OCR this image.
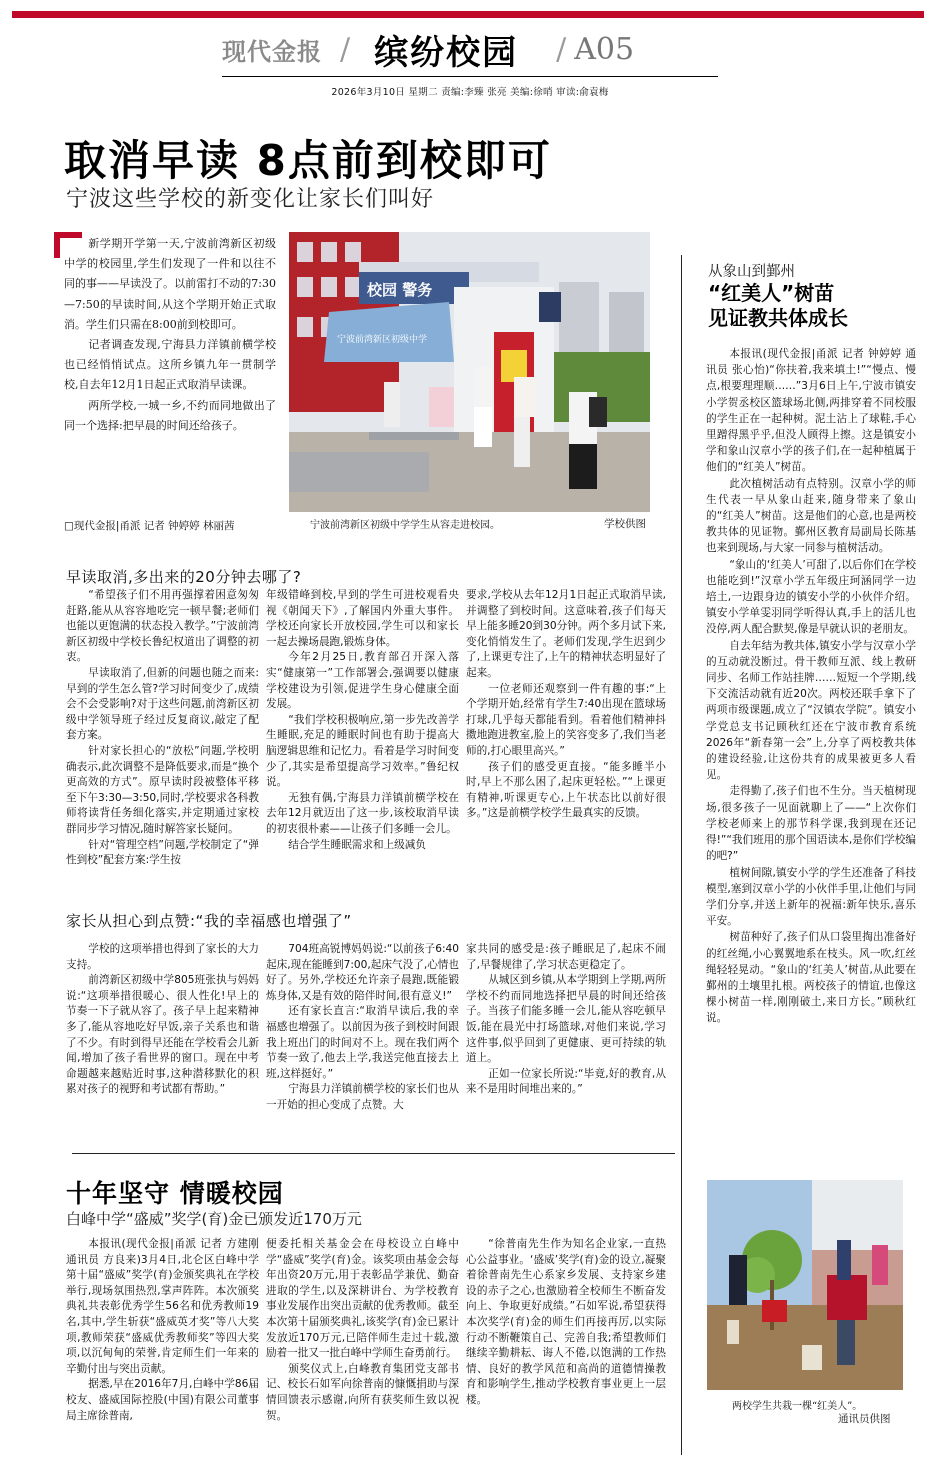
现代金报 / 缤纷校园 / A05
2026年3月10日 星期二 责编:李臻 张亮 美编:徐哨 审读:俞袁梅
取消早读 8点前到校即可
宁波这些学校的新变化让家长们叫好

新学期开学第一天,宁波前湾新区初级中学的校园里,学生们发现了一件和以往不同的事——早读没了。以前雷打不动的7:30—7:50的早读时间,从这个学期开始正式取消。学生们只需在8:00前到校即可。

记者调查发现,宁海县力洋镇前横学校也已经悄悄试点。这所乡镇九年一贯制学校,自去年12月1日起正式取消早读课。

两所学校,一城一乡,不约而同地做出了同一个选择:把早晨的时间还给孩子。

□现代金报|甬派 记者 钟婷婷 林丽茜
校园 警务
宁波前湾新区初级中学
宁波前湾新区初级中学学生从容走进校园。	学校供图
早读取消,多出来的20分钟去哪了?

“希望孩子们不用再强撑着困意匆匆赶路,能从从容容地吃完一顿早餐;老师们也能以更饱满的状态投入教学。”宁波前湾新区初级中学校长鲁纪权道出了调整的初衷。

早读取消了,但新的问题也随之而来:早到的学生怎么管?学习时间变少了,成绩会不会受影响?对于这些问题,前湾新区初级中学领导班子经过反复商议,敲定了配套方案。

针对家长担心的“放松”问题,学校明确表示,此次调整不是降低要求,而是“换个更高效的方式”。原早读时段被整体平移至下午3:30—3:50,同时,学校要求各科教师将读背任务细化落实,并定期通过家校群同步学习情况,随时解答家长疑问。

针对“管理空档”问题,学校制定了“弹性到校”配套方案:学生按

年级错峰到校,早到的学生可进校观看央视《朝闻天下》,了解国内外重大事件。学校还向家长开放校园,学生可以和家长一起去操场晨跑,锻炼身体。

今年2月25日,教育部召开深入落实“健康第一”工作部署会,强调要以健康学校建设为引领,促进学生身心健康全面发展。

“我们学校积极响应,第一步先改善学生睡眠,充足的睡眠时间也有助于提高大脑逻辑思维和记忆力。看着是学习时间变少了,其实是希望提高学习效率。”鲁纪权说。

无独有偶,宁海县力洋镇前横学校在去年12月就迈出了这一步,该校取消早读的初衷很朴素——让孩子们多睡一会儿。

结合学生睡眠需求和上级减负

要求,学校从去年12月1日起正式取消早读,并调整了到校时间。这意味着,孩子们每天早上能多睡20到30分钟。两个多月试下来,变化悄悄发生了。老师们发现,学生迟到少了,上课更专注了,上午的精神状态明显好了起来。

一位老师还观察到一件有趣的事:“上个学期开始,经常有学生7:40出现在篮球场打球,几乎每天都能看到。看着他们精神抖擞地跑进教室,脸上的笑容变多了,我们当老师的,打心眼里高兴。”

孩子们的感受更直接。“能多睡半小时,早上不那么困了,起床更轻松。”“上课更有精神,听课更专心,上午状态比以前好很多。”这是前横学校学生最真实的反馈。

家长从担心到点赞:“我的幸福感也增强了”

学校的这项举措也得到了家长的大力支持。

前湾新区初级中学805班张执与妈妈说:“这项举措很暖心、很人性化!早上的节奏一下子就从容了。孩子早上起来精神多了,能从容地吃好早饭,亲子关系也和谐了不少。有时到得早还能在学校看会儿新闻,增加了孩子看世界的窗口。现在中考命题越来越贴近时事,这种潜移默化的积累对孩子的视野和考试都有帮助。”

704班高锐博妈妈说:“以前孩子6:40起床,现在能睡到7:00,起床气没了,心情也好了。另外,学校还允许亲子晨跑,既能锻炼身体,又是有效的陪伴时间,很有意义!”

还有家长直言:“取消早读后,我的幸福感也增强了。以前因为孩子到校时间跟我上班出门的时间对不上。现在我们两个节奏一致了,他去上学,我送完他直接去上班,这样挺好。”

宁海县力洋镇前横学校的家长们也从一开始的担心变成了点赞。大

家共同的感受是:孩子睡眠足了,起床不闹了,早餐规律了,学习状态更稳定了。

从城区到乡镇,从本学期到上学期,两所学校不约而同地选择把早晨的时间还给孩子。当孩子们能多睡一会儿,能从容吃顿早饭,能在晨光中打场篮球,对他们来说,学习这件事,似乎回到了更健康、更可持续的轨道上。

正如一位家长所说:“毕竟,好的教育,从来不是用时间堆出来的。”

十年坚守 情暖校园
白峰中学“盛威”奖学(育)金已颁发近170万元

本报讯(现代金报|甬派 记者 方建刚 通讯员 方良来)3月4日,北仑区白峰中学第十届“盛威”奖学(育)金颁奖典礼在学校举行,现场氛围热烈,掌声阵阵。本次颁奖典礼共表彰优秀学生56名和优秀教师19名,其中,学生斩获“盛威英才奖”等八大奖项,教师荣获“盛威优秀教师奖”等四大奖项,以沉甸甸的荣誉,肯定师生们一年来的辛勤付出与突出贡献。

据悉,早在2016年7月,白峰中学86届校友、盛威国际控股(中国)有限公司董事局主席徐普南,

便委托相关基金会在母校设立白峰中学“盛威”奖学(育)金。该奖项由基金会每年出资20万元,用于表彰品学兼优、勤奋进取的学生,以及深耕讲台、为学校教育事业发展作出突出贡献的优秀教师。截至本次第十届颁奖典礼,该奖学(育)金已累计发放近170万元,已陪伴师生走过十载,激励着一批又一批白峰中学师生奋勇前行。

颁奖仪式上,白峰教育集团党支部书记、校长石如军向徐普南的慷慨捐助与深情回馈表示感谢,向所有获奖师生致以祝贺。

“徐普南先生作为知名企业家,一直热心公益事业。‘盛威’奖学(育)金的设立,凝聚着徐普南先生心系家乡发展、支持家乡建设的赤子之心,也激励着全校师生不断奋发向上、争取更好成绩。”石如军说,希望获得本次奖学(育)金的师生们再接再厉,以实际行动不断鞭策自己、完善自我;希望教师们继续辛勤耕耘、诲人不倦,以饱满的工作热情、良好的教学风范和高尚的道德情操教育和影响学生,推动学校教育事业更上一层楼。

从象山到鄞州
“红美人”树苗
见证教共体成长

本报讯(现代金报|甬派 记者 钟婷婷 通讯员 张心怡)“你扶着,我来填土!”“慢点、慢点,根要理理顺……”3月6日上午,宁波市镇安小学贺丞校区篮球场北侧,两排穿着不同校服的学生正在一起种树。泥土沾上了球鞋,手心里蹭得黑乎乎,但没人顾得上擦。这是镇安小学和象山汉章小学的孩子们,在一起种植属于他们的“红美人”树苗。

此次植树活动有点特别。汉章小学的师生代表一早从象山赶来,随身带来了象山的“红美人”树苗。这是他们的心意,也是两校教共体的见证物。鄞州区教育局副局长陈基也来到现场,与大家一同参与植树活动。

“象山的‘红美人’可甜了,以后你们在学校也能吃到!”汉章小学五年级庄珂涵同学一边培土,一边跟身边的镇安小学的小伙伴介绍。镇安小学单雯羽同学听得认真,手上的活儿也没停,两人配合默契,像是早就认识的老朋友。

自去年结为教共体,镇安小学与汉章小学的互动就没断过。骨干教师互派、线上教研同步、名师工作站挂牌……短短一个学期,线下交流活动就有近20次。两校还联手拿下了两项市级课题,成立了“汉镇农学院”。镇安小学党总支书记顾秋红还在宁波市教育系统2026年“新春第一会”上,分享了两校教共体的建设经验,让这份共育的成果被更多人看见。

走得勤了,孩子们也不生分。当天植树现场,很多孩子一见面就聊上了——“上次你们学校老师来上的那节科学课,我到现在还记得!”“我们班用的那个国语读本,是你们学校编的吧?”

植树间隙,镇安小学的学生还准备了科技模型,塞到汉章小学的小伙伴手里,让他们与同学们分享,并送上新年的祝福:新年快乐,喜乐平安。

树苗种好了,孩子们从口袋里掏出准备好的红丝绳,小心翼翼地系在枝头。风一吹,红丝绳轻轻晃动。“象山的‘红美人’树苗,从此要在鄞州的土壤里扎根。两校孩子的情谊,也像这棵小树苗一样,刚刚破土,来日方长。”顾秋红说。

两校学生共栽一棵“红美人”。
通讯员供图
